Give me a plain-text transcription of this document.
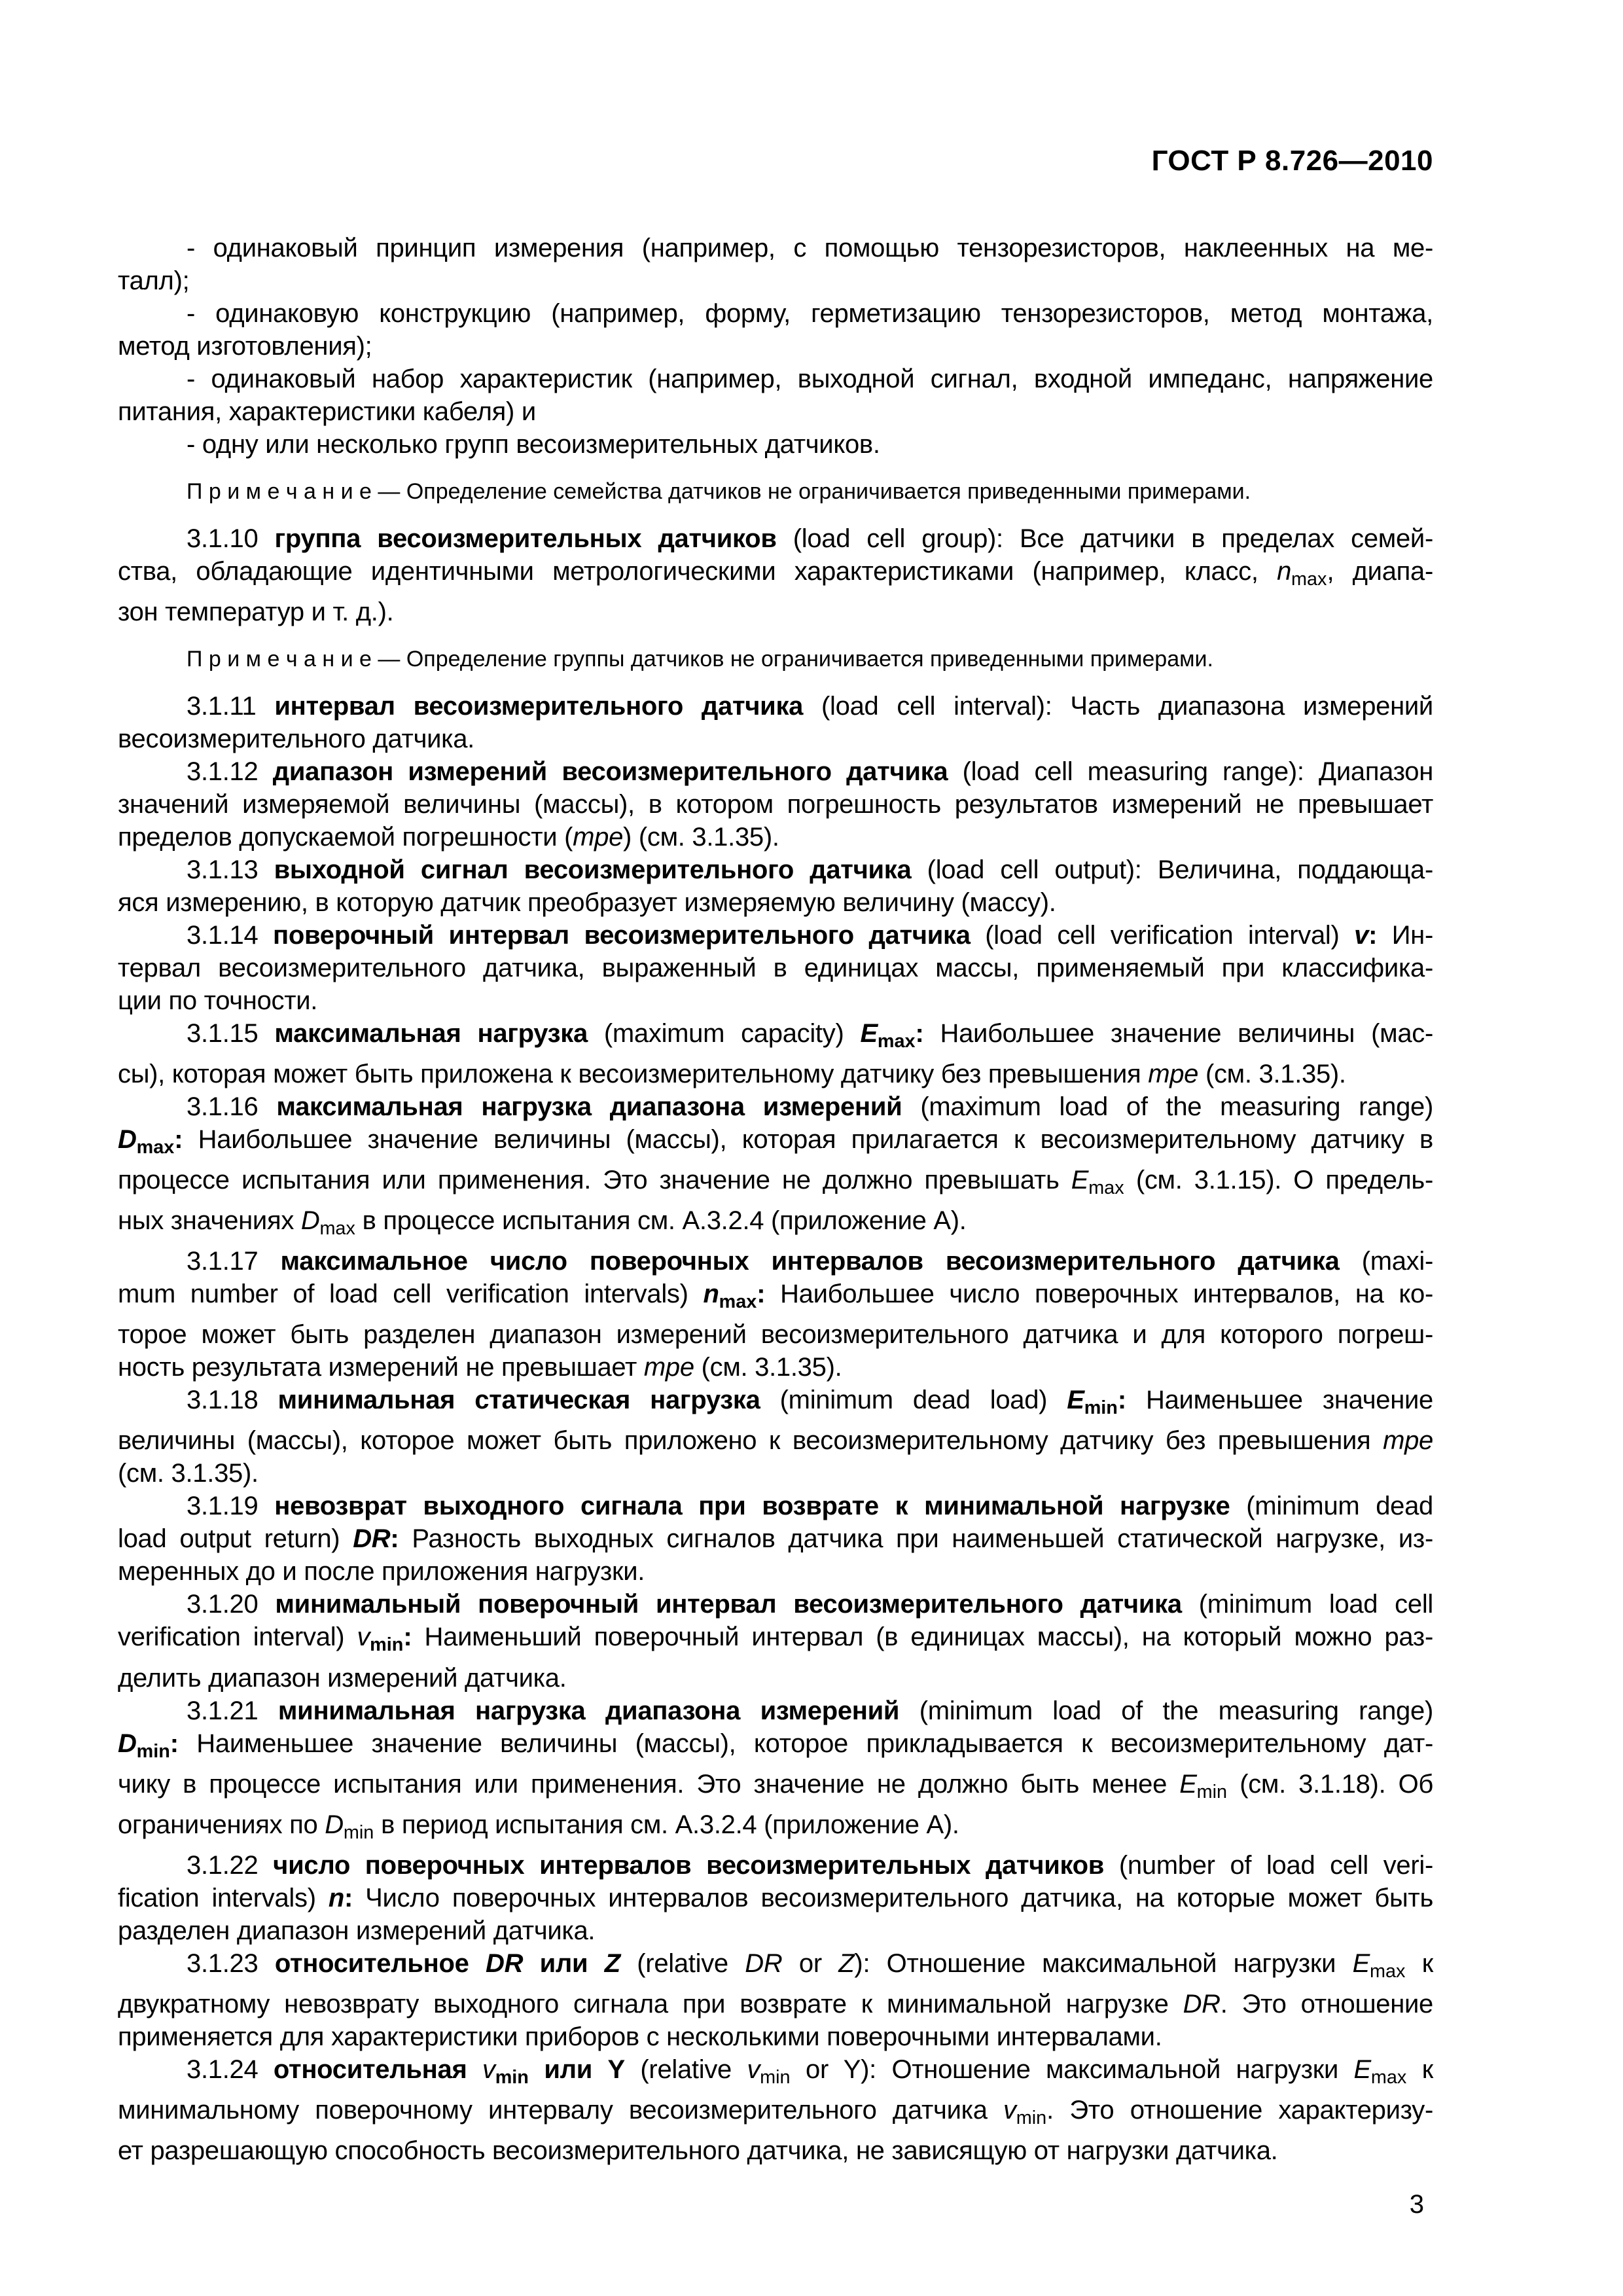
ГОСТ Р 8.726—2010
- одинаковый принцип измерения (например, с помощью тензорезисторов, наклеенных на ме-
талл);
- одинаковую конструкцию (например, форму, герметизацию тензорезисторов, метод монтажа,
метод изготовления);
- одинаковый набор характеристик (например, выходной сигнал, входной импеданс, напряжение
питания, характеристики кабеля) и
- одну или несколько групп весоизмерительных датчиков.
П р и м е ч а н и е — Определение семейства датчиков не ограничивается приведенными примерами.
3.1.10 группа весоизмерительных датчиков (load cell group): Все датчики в пределах семей-
ства, обладающие идентичными метрологическими характеристиками (например, класс, $n_{max}$, диапа-
зон температур и т. д.).
П р и м е ч а н и е — Определение группы датчиков не ограничивается приведенными примерами.
3.1.11 интервал весоизмерительного датчика (load cell interval): Часть диапазона измерений
весоизмерительного датчика.
3.1.12 диапазон измерений весоизмерительного датчика (load cell measuring range): Диапазон
значений измеряемой величины (массы), в котором погрешность результатов измерений не превышает
пределов допускаемой погрешности (mpe) (см. 3.1.35).
3.1.13 выходной сигнал весоизмерительного датчика (load cell output): Величина, поддающа-
яся измерению, в которую датчик преобразует измеряемую величину (массу).
3.1.14 поверочный интервал весоизмерительного датчика (load cell verification interval) v: Ин-
тервал весоизмерительного датчика, выраженный в единицах массы, применяемый при классифика-
ции по точности.
3.1.15 максимальная нагрузка (maximum capacity) $E_{max}$: Наибольшее значение величины (мас-
сы), которая может быть приложена к весоизмерительному датчику без превышения mpe (см. 3.1.35).
3.1.16 максимальная нагрузка диапазона измерений (maximum load of the measuring range)
$D_{max}$: Наибольшее значение величины (массы), которая прилагается к весоизмерительному датчику в
процессе испытания или применения. Это значение не должно превышать $E_{max}$ (см. 3.1.15). О предель-
ных значениях $D_{max}$ в процессе испытания см. А.3.2.4 (приложение А).
3.1.17 максимальное число поверочных интервалов весоизмерительного датчика (maxi-
mum number of load cell verification intervals) $n_{max}$: Наибольшее число поверочных интервалов, на ко-
торое может быть разделен диапазон измерений весоизмерительного датчика и для которого погреш-
ность результата измерений не превышает mpe (см. 3.1.35).
3.1.18 минимальная статическая нагрузка (minimum dead load) $E_{min}$: Наименьшее значение
величины (массы), которое может быть приложено к весоизмерительному датчику без превышения mpe
(см. 3.1.35).
3.1.19 невозврат выходного сигнала при возврате к минимальной нагрузке (minimum dead
load output return) DR: Разность выходных сигналов датчика при наименьшей статической нагрузке, из-
меренных до и после приложения нагрузки.
3.1.20 минимальный поверочный интервал весоизмерительного датчика (minimum load cell
verification interval) $v_{min}$: Наименьший поверочный интервал (в единицах массы), на который можно раз-
делить диапазон измерений датчика.
3.1.21 минимальная нагрузка диапазона измерений (minimum load of the measuring range)
$D_{min}$: Наименьшее значение величины (массы), которое прикладывается к весоизмерительному дат-
чику в процессе испытания или применения. Это значение не должно быть менее $E_{min}$ (см. 3.1.18). Об
ограничениях по $D_{min}$ в период испытания см. А.3.2.4 (приложение А).
3.1.22 число поверочных интервалов весоизмерительных датчиков (number of load cell veri-
fication intervals) n: Число поверочных интервалов весоизмерительного датчика, на которые может быть
разделен диапазон измерений датчика.
3.1.23 относительное DR или Z (relative DR or Z): Отношение максимальной нагрузки $E_{max}$ к
двукратному невозврату выходного сигнала при возврате к минимальной нагрузке DR. Это отношение
применяется для характеристики приборов с несколькими поверочными интервалами.
3.1.24 относительная $v_{min}$ или Y (relative $v_{min}$ or Y): Отношение максимальной нагрузки $E_{max}$ к
минимальному поверочному интервалу весоизмерительного датчика $v_{min}$. Это отношение характеризу-
ет разрешающую способность весоизмерительного датчика, не зависящую от нагрузки датчика.
3
